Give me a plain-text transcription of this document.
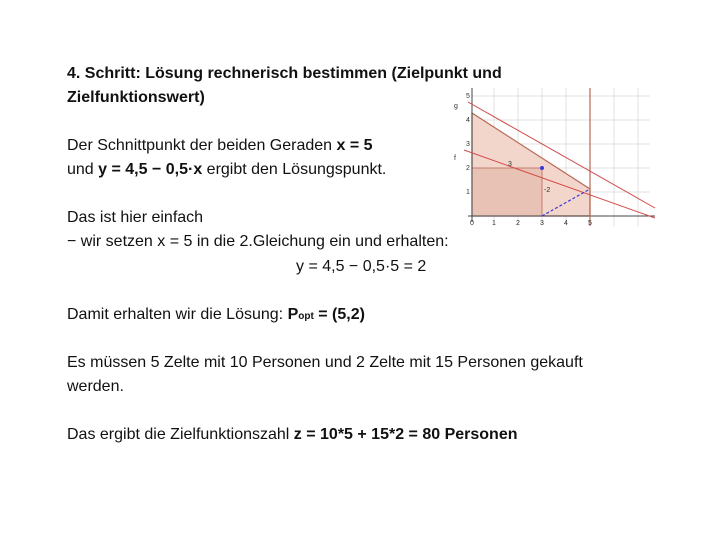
4. Schritt: Lösung rechnerisch bestimmen (Zielpunkt und
Zielfunktionswert)
g
f
3
-2
5
4
3
2
1
0	1	2	3	4	5
Der Schnittpunkt der beiden Geraden x = 5
und y = 4,5 − 0,5·x ergibt den Lösungspunkt.
Das ist hier einfach
− wir setzen x = 5 in die 2.Gleichung ein und erhalten:
y = 4,5 − 0,5·5 = 2
Damit erhalten wir die Lösung: Popt = (5,2)
Es müssen 5 Zelte mit 10 Personen und 2 Zelte mit 15 Personen gekauft
werden.
Das ergibt die Zielfunktionszahl z = 10*5 + 15*2 = 80 Personen
